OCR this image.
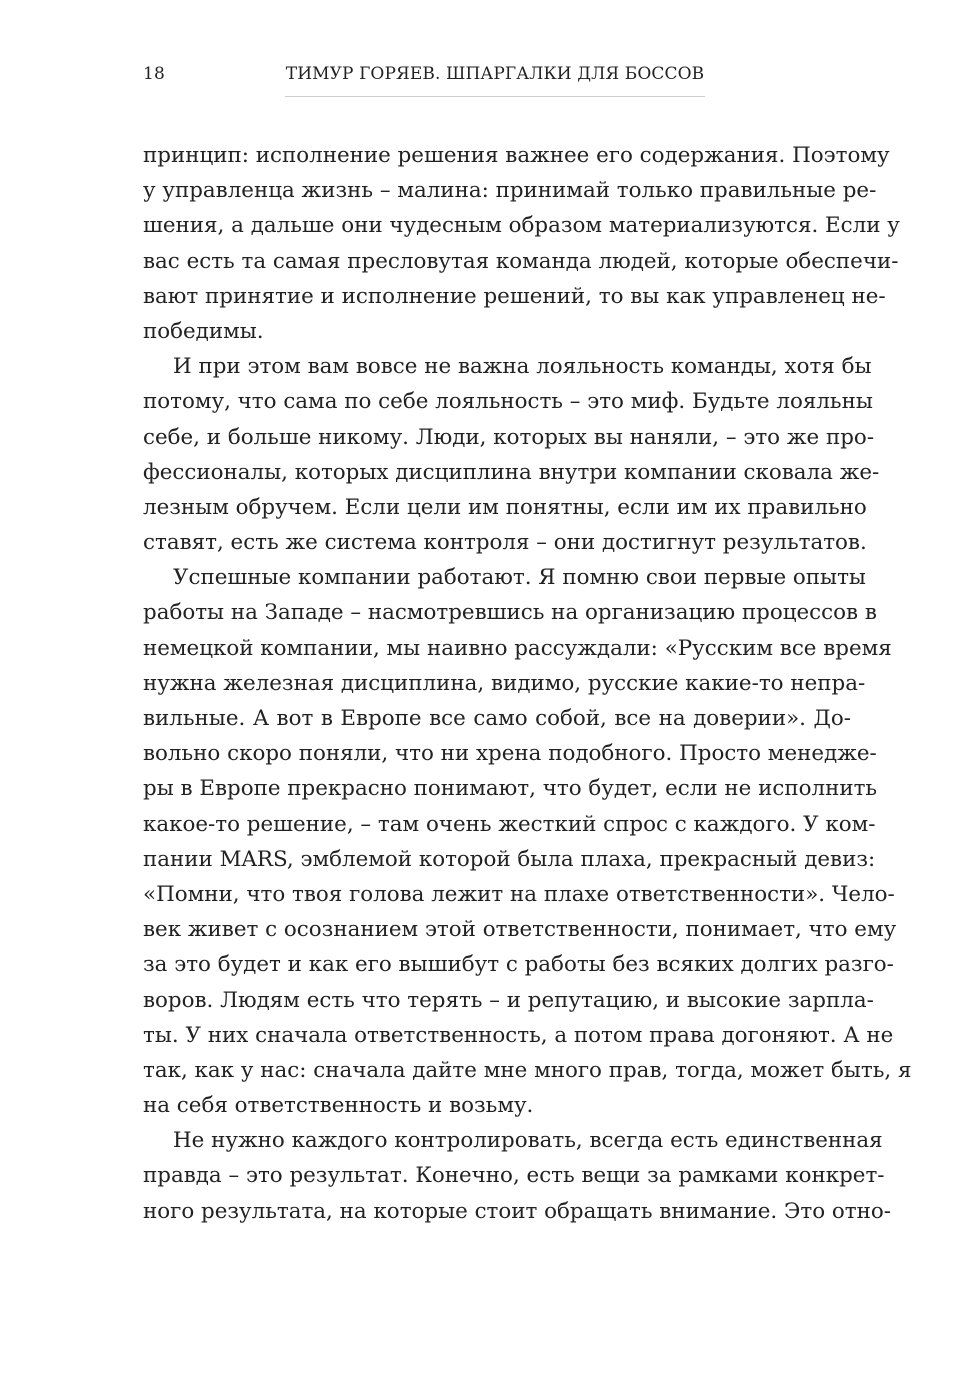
18	ТИМУР ГОРЯЕВ. ШПАРГАЛКИ ДЛЯ БОССОВ
принцип: исполнение решения важнее его содержания. Поэтому
у управленца жизнь – малина: принимай только правильные ре-
шения, а дальше они чудесным образом материализуются. Если у
вас есть та самая пресловутая команда людей, которые обеспечи-
вают принятие и исполнение решений, то вы как управленец не-
победимы.
И при этом вам вовсе не важна лояльность команды, хотя бы
потому, что сама по себе лояльность – это миф. Будьте лояльны
себе, и больше никому. Люди, которых вы наняли, – это же про-
фессионалы, которых дисциплина внутри компании сковала же-
лезным обручем. Если цели им понятны, если им их правильно
ставят, есть же система контроля – они достигнут результатов.
Успешные компании работают. Я помню свои первые опыты
работы на Западе – насмотревшись на организацию процессов в
немецкой компании, мы наивно рассуждали: «Русским все время
нужна железная дисциплина, видимо, русские какие-то непра-
вильные. А вот в Европе все само собой, все на доверии». До-
вольно скоро поняли, что ни хрена подобного. Просто менедже-
ры в Европе прекрасно понимают, что будет, если не исполнить
какое-то решение, – там очень жесткий спрос с каждого. У ком-
пании MARS, эмблемой которой была плаха, прекрасный девиз:
«Помни, что твоя голова лежит на плахе ответственности». Чело-
век живет с осознанием этой ответственности, понимает, что ему
за это будет и как его вышибут с работы без всяких долгих разго-
воров. Людям есть что терять – и репутацию, и высокие зарпла-
ты. У них сначала ответственность, а потом права догоняют. А не
так, как у нас: сначала дайте мне много прав, тогда, может быть, я
на себя ответственность и возьму.
Не нужно каждого контролировать, всегда есть единственная
правда – это результат. Конечно, есть вещи за рамками конкрет-
ного результата, на которые стоит обращать внимание. Это отно-
